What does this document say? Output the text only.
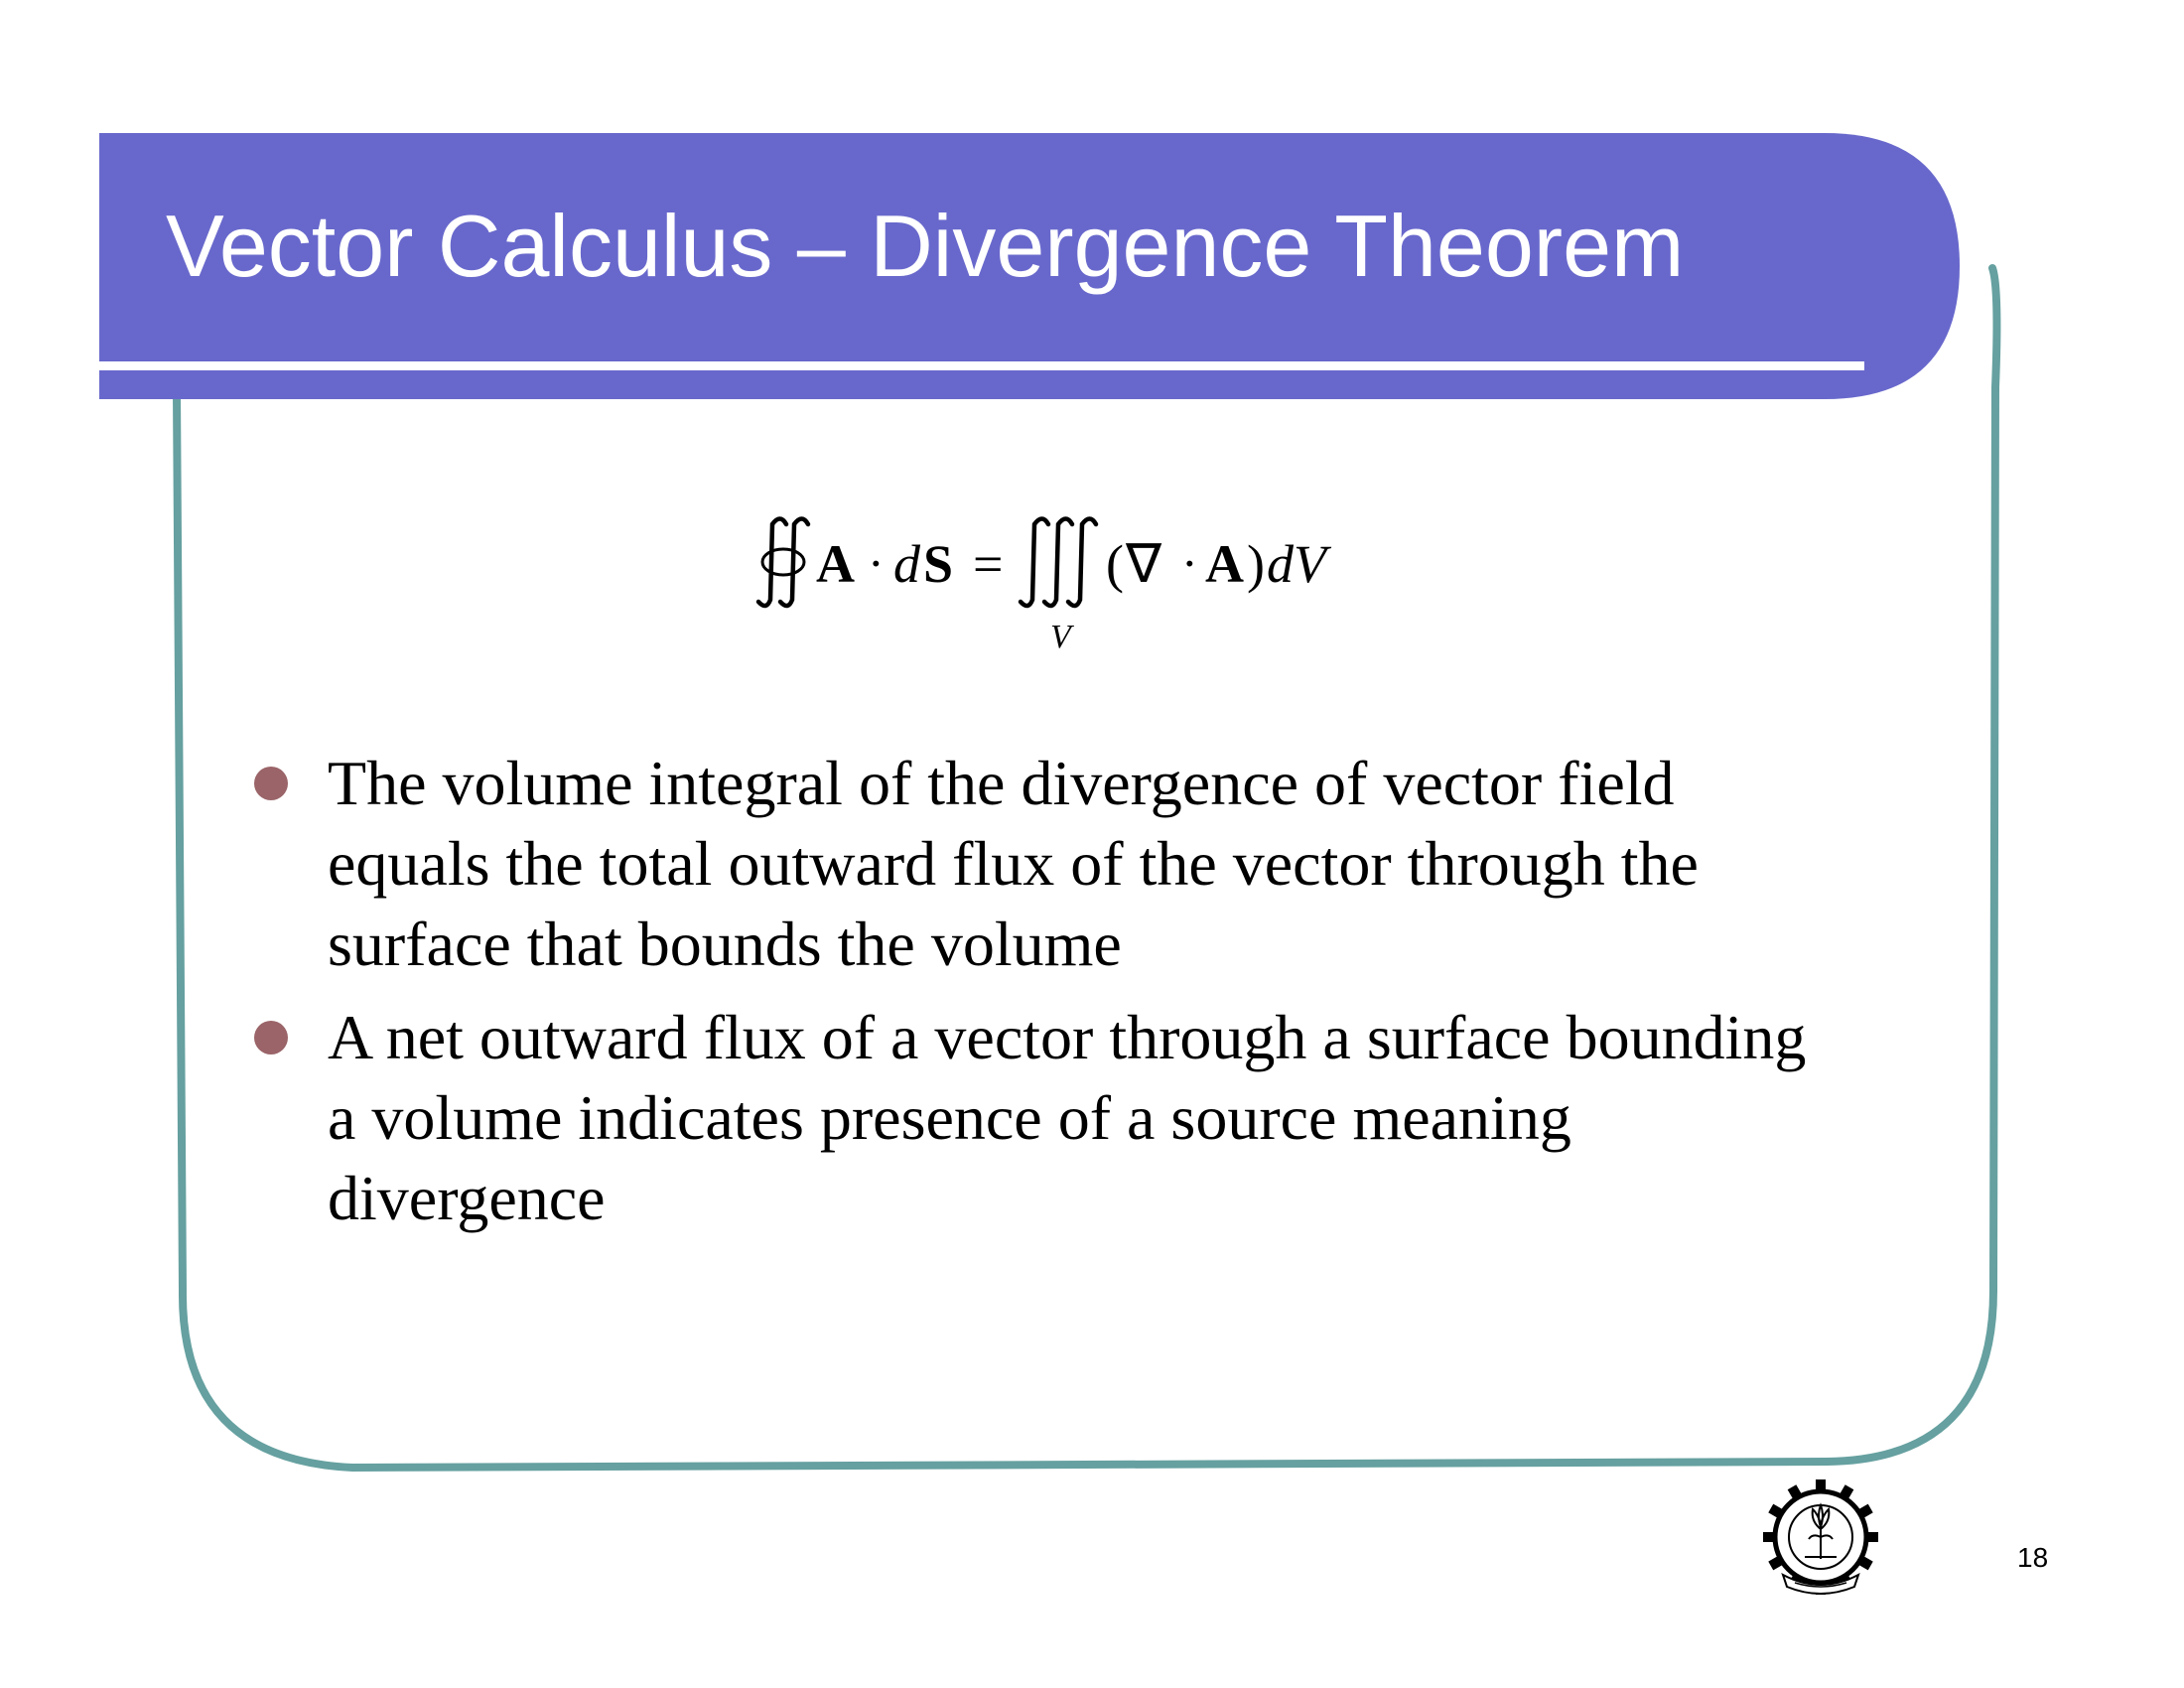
Vector Calculus – Divergence Theorem
A · d S = ( ∇ · A ) dV
V
The volume integral of the divergence of vector field
equals the total outward flux of the vector through the
surface that bounds the volume
A net outward flux of a vector through a surface bounding
a volume indicates presence of a source meaning
divergence
18
